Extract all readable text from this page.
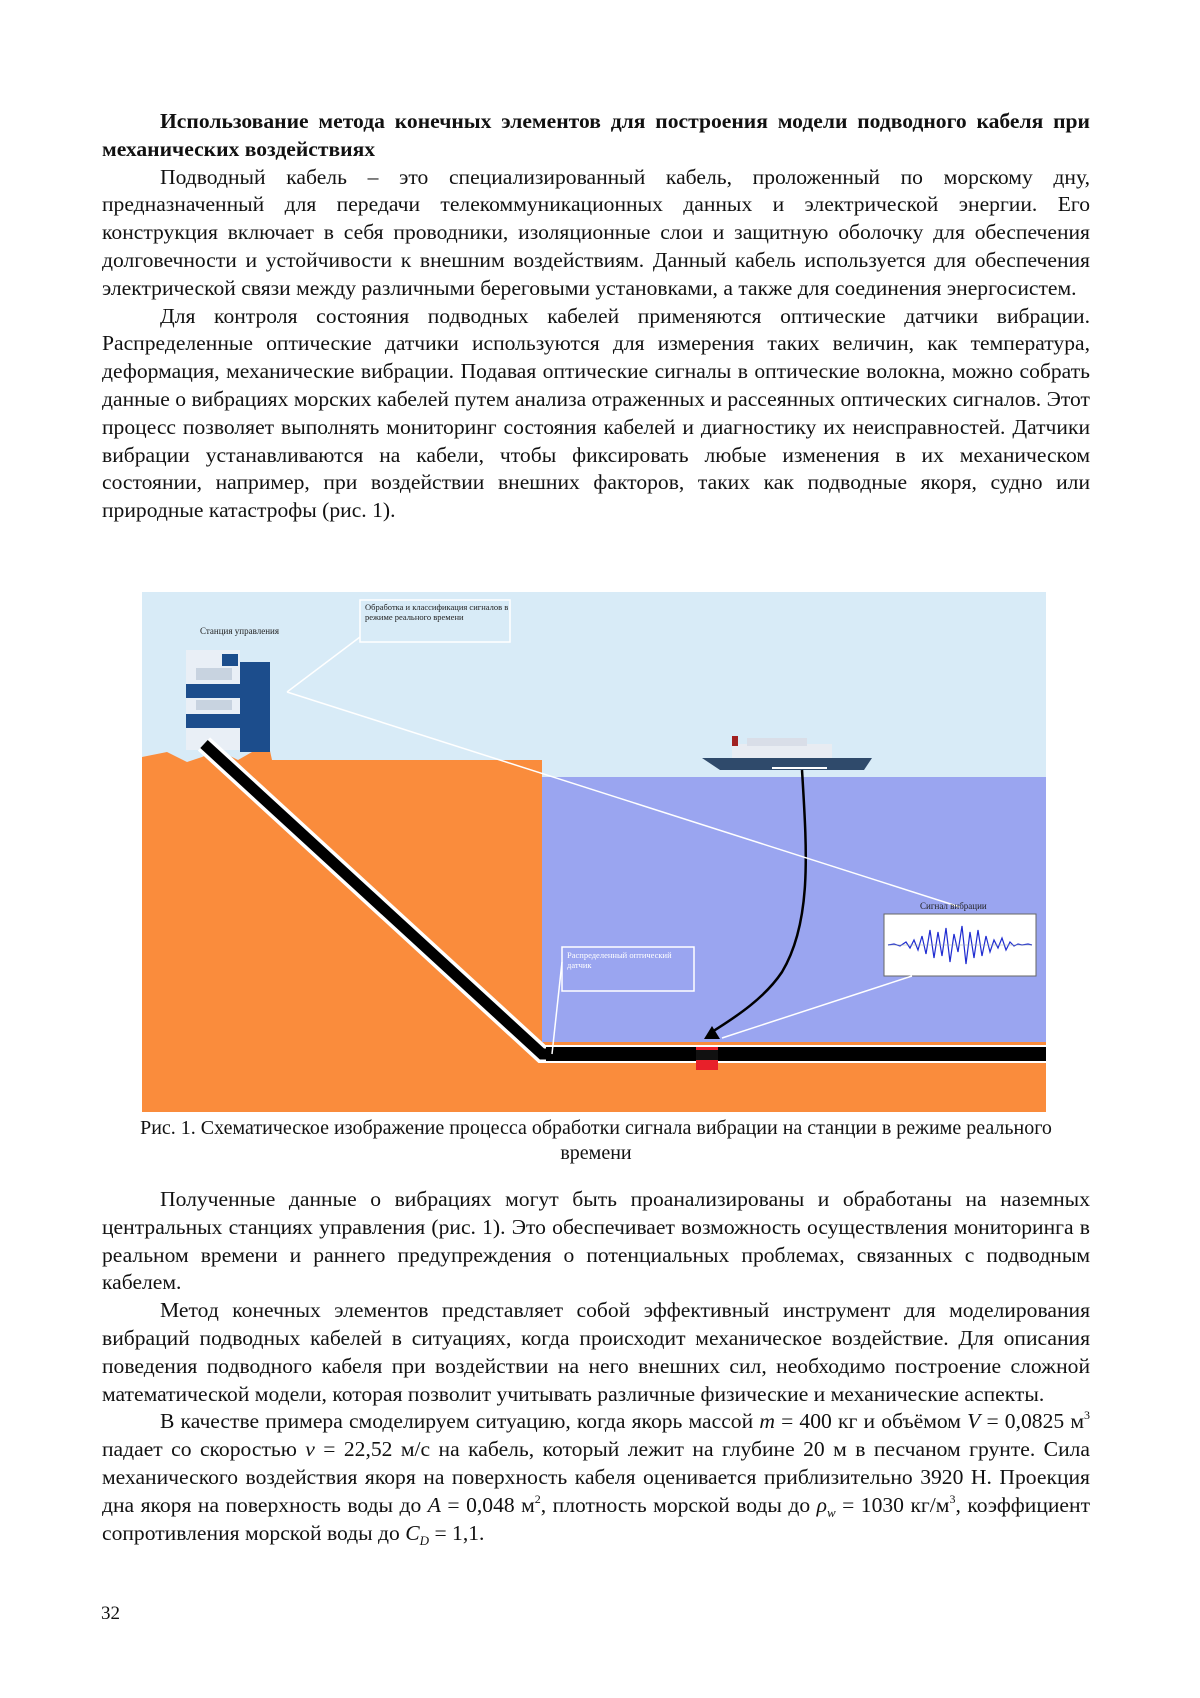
Использование метода конечных элементов для построения модели подводного кабеля при механических воздействиях

Подводный кабель – это специализированный кабель, проложенный по морскому дну, предназначенный для передачи телекоммуникационных данных и электрической энергии. Его конструкция включает в себя проводники, изоляционные слои и защитную оболочку для обеспечения долговечности и устойчивости к внешним воздействиям. Данный кабель используется для обеспечения электрической связи между различными береговыми установками, а также для соединения энергосистем.

Для контроля состояния подводных кабелей применяются оптические датчики вибрации. Распределенные оптические датчики используются для измерения таких величин, как температура, деформация, механические вибрации. Подавая оптические сигналы в оптические волокна, можно собрать данные о вибрациях морских кабелей путем анализа отраженных и рассеянных оптических сигналов. Этот процесс позволяет выполнять мониторинг состояния кабелей и диагностику их неисправностей. Датчики вибрации устанавливаются на кабели, чтобы фиксировать любые изменения в их механическом состоянии, например, при воздействии внешних факторов, таких как подводные якоря, судно или природные катастрофы (рис. 1).

Станция управления
Обработка и классификация сигналов в режиме реального времени
Распределенный оптический датчик
Сигнал вибрации
Рис. 1. Схематическое изображение процесса обработки сигнала вибрации на станции в режиме реального времени

Полученные данные о вибрациях могут быть проанализированы и обработаны на наземных центральных станциях управления (рис. 1). Это обеспечивает возможность осуществления мониторинга в реальном времени и раннего предупреждения о потенциальных проблемах, связанных с подводным кабелем.

Метод конечных элементов представляет собой эффективный инструмент для моделирования вибраций подводных кабелей в ситуациях, когда происходит механическое воздействие. Для описания поведения подводного кабеля при воздействии на него внешних сил, необходимо построение сложной математической модели, которая позволит учитывать различные физические и механические аспекты.

В качестве примера смоделируем ситуацию, когда якорь массой m = 400 кг и объёмом V = 0,0825 м3 падает со скоростью v = 22,52 м/с на кабель, который лежит на глубине 20 м в песчаном грунте. Сила механического воздействия якоря на поверхность кабеля оценивается приблизительно 3920 Н. Проекция дна якоря на поверхность воды до A = 0,048 м2, плотность морской воды до ρw = 1030 кг/м3, коэффициент сопротивления морской воды до CD = 1,1.

32
